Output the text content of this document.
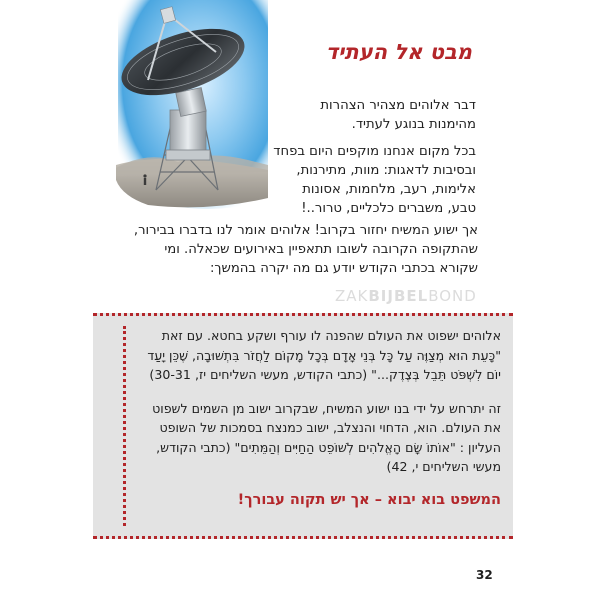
מבט אל העתיד

דבר אלוהים מצהיר הצהרות
מהימנות בנוגע לעתיד.

בכל מקום אנחנו מוקפים היום בפחד
ובסיבות לדאגות: מוות, מתירנות,
אלימות, רעב, מלחמות, אסונות
טבע, משברים כלכליים, טרור..!

אך ישוע המשיח יחזור בקרוב! אלוהים אומר לנו בדברו בבירור, שהתקופה הקרובה לשובו תתאפיין באירועים שכאלה. ומי שקורא בכתבי הקודש יודע גם מה יקרה בהמשך:

ZAKBIJBELBOND

אלוהים ישפוט את העולם שהפנה לו עורף ושקע בחטא. עם זאת "כָּעֵת הוּא מְצַוֶּה עַל כָּל בְּנֵי אָדָם בְּכָל מָקוֹם לַחֲזֹר בִּתְשׁוּבָה, שֶׁכֵּן יָעַד יוֹם לִשְׁפֹּט תֵּבֵל בְּצֶדֶק..." (כתבי הקודש, מעשי השליחים יז, 30-31)

זה יתרחש על ידי בנו ישוע המשיח, שבקרוב ישוב מן השמים לשפוט את העולם. הוא, הדחוי והנצלב, ישוב כמנצח בסמכות של השופט העליון : "אוֹתוֹ שָׂם הָאֱלֹהִים לְשׁוֹפֵט הַחַיִּים וְהַמֵּתִים" (כתבי הקודש, מעשי השליחים י, 42)

המשפט בוא יבוא – אך יש תקוה עבורך!

32
